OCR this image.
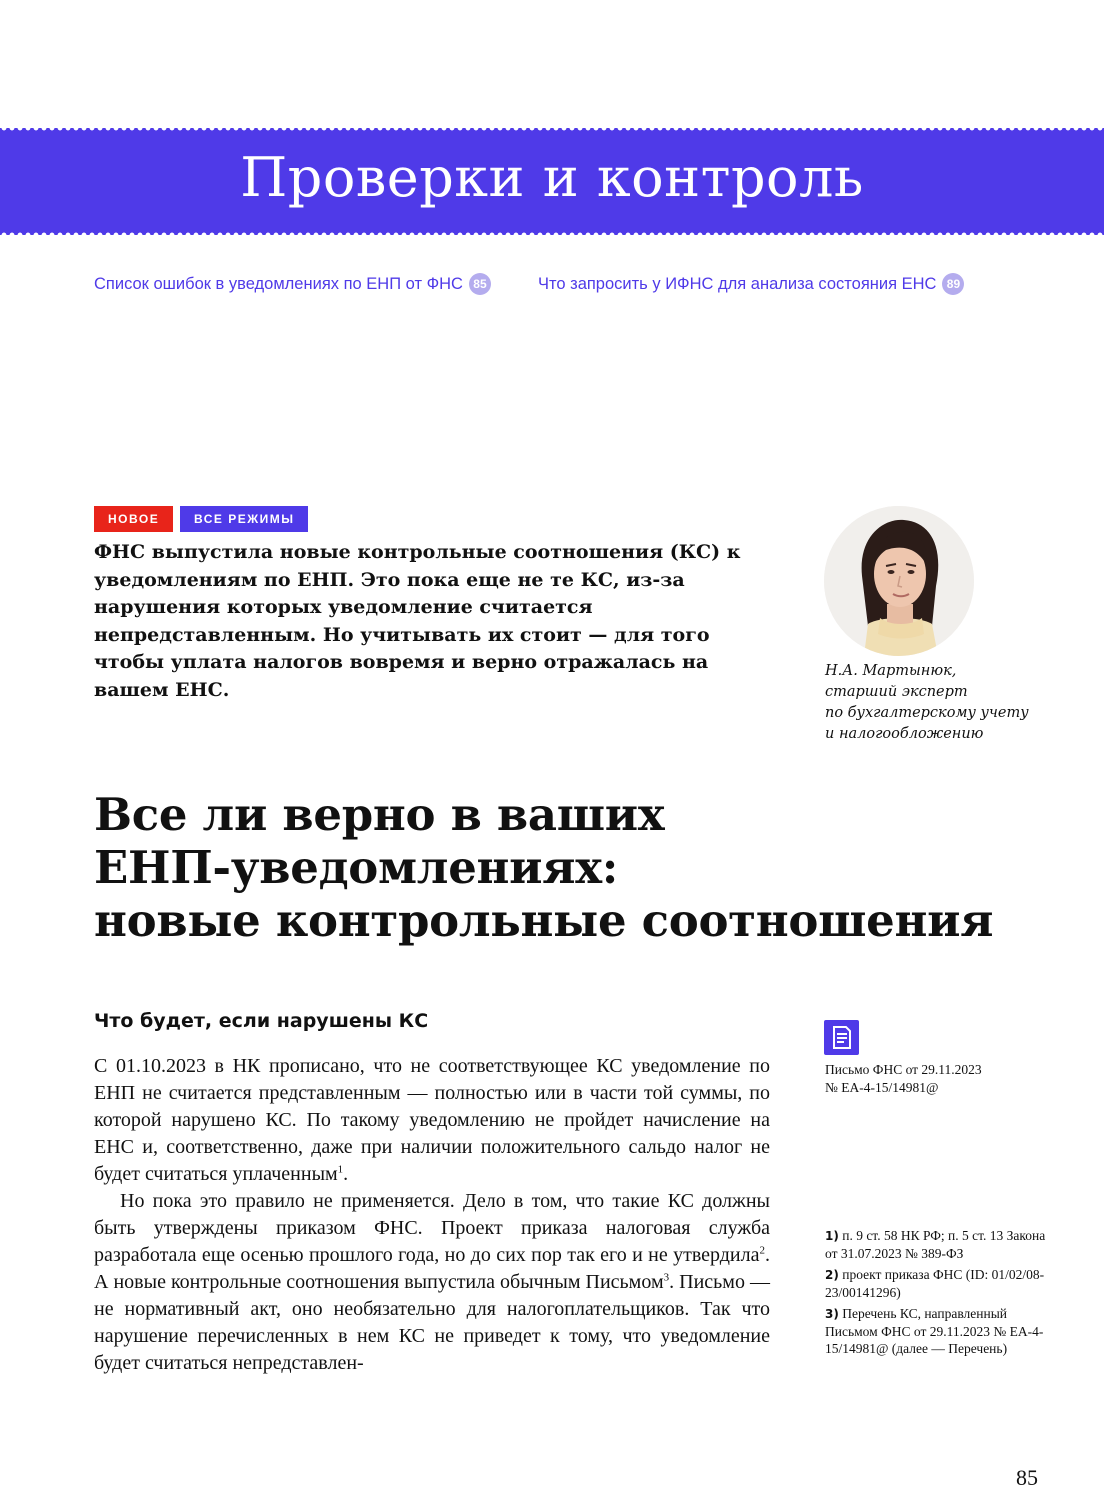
Проверки и контроль
Список ошибок в уведомлениях по ЕНП от ФНС 85	Что запросить у ИФНС для анализа состояния ЕНС 89
НОВОЕ	ВСЕ РЕЖИМЫ
ФНС выпустила новые контрольные соотношения (КС) к уведомлениям по ЕНП. Это пока еще не те КС, из-за нарушения которых уведомление считается непредставленным. Но учитывать их стоит — для того чтобы уплата налогов вовремя и верно отражалась на вашем ЕНС.
Н.А. Мартынюк,
старший эксперт
по бухгалтерскому учету
и налогообложению
Все ли верно в ваших
ЕНП-уведомлениях:
новые контрольные соотношения
Что будет, если нарушены КС

С 01.10.2023 в НК прописано, что не соответствующее КС уведомление по ЕНП не считается представленным — полностью или в части той суммы, по которой нарушено КС. По такому уведомлению не пройдет начисление на ЕНС и, соответственно, даже при наличии положительного сальдо налог не будет считаться уплаченным$^1$.

Но пока это правило не применяется. Дело в том, что такие КС должны быть утверждены приказом ФНС. Проект приказа налоговая служба разработала еще осенью прошлого года, но до сих пор так его и не утвердила$^2$. А новые контрольные соотношения выпустила обычным Письмом$^3$. Письмо — не нормативный акт, оно необязательно для налогоплательщиков. Так что нарушение перечисленных в нем КС не приведет к тому, что уведомление будет считаться непредставлен-

Письмо ФНС от 29.11.2023
№ ЕА-4-15/14981@
1) п. 9 ст. 58 НК РФ; п. 5 ст. 13 Закона от 31.07.2023 № 389-ФЗ
2) проект приказа ФНС (ID: 01/02/08-23/00141296)
3) Перечень КС, направленный Письмом ФНС от 29.11.2023 № ЕА-4-15/14981@ (далее — Перечень)
85
